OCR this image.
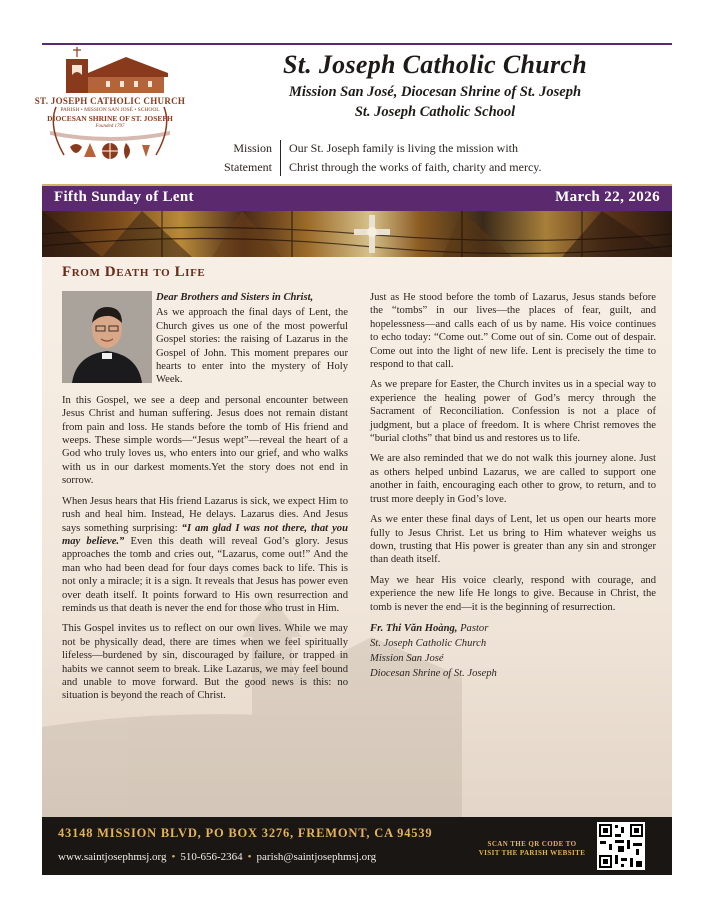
ST. JOSEPH CATHOLIC CHURCH
PARISH • MISSION SAN JOSÉ • SCHOOL
DIOCESAN SHRINE OF ST. JOSEPH
Founded 1797
St. Joseph Catholic Church
Mission San José, Diocesan Shrine of St. Joseph
St. Joseph Catholic School
Mission
Statement
Our St. Joseph family is living the mission with
Christ through the works of faith, charity and mercy.
Fifth Sunday of Lent	March 22, 2026
From Death to Life

Dear Brothers and Sisters in Christ,

As we approach the final days of Lent, the Church gives us one of the most powerful Gospel stories: the raising of Lazarus in the Gospel of John. This moment prepares our hearts to enter into the mystery of Holy Week.

In this Gospel, we see a deep and personal encounter between Jesus Christ and human suffering. Jesus does not remain distant from pain and loss. He stands before the tomb of His friend and weeps. These simple words—“Jesus wept”—reveal the heart of a God who truly loves us, who enters into our grief, and who walks with us in our darkest moments.Yet the story does not end in sorrow.

When Jesus hears that His friend Lazarus is sick, we expect Him to rush and heal him. Instead, He delays. Lazarus dies. And Jesus says something surprising: “I am glad I was not there, that you may believe.” Even this death will reveal God’s glory. Jesus approaches the tomb and cries out, “Lazarus, come out!” And the man who had been dead for four days comes back to life. This is not only a miracle; it is a sign. It reveals that Jesus has power even over death itself. It points forward to His own resurrection and reminds us that death is never the end for those who trust in Him.

This Gospel invites us to reflect on our own lives. While we may not be physically dead, there are times when we feel spiritually lifeless—burdened by sin, discouraged by failure, or trapped in habits we cannot seem to break. Like Lazarus, we may feel bound and unable to move forward. But the good news is this: no situation is beyond the reach of Christ.

Just as He stood before the tomb of Lazarus, Jesus stands before the “tombs” in our lives—the places of fear, guilt, and hopelessness—and calls each of us by name. His voice continues to echo today: “Come out.” Come out of sin. Come out of despair. Come out into the light of new life. Lent is precisely the time to respond to that call.

As we prepare for Easter, the Church invites us in a special way to experience the healing power of God’s mercy through the Sacrament of Reconciliation. Confession is not a place of judgment, but a place of freedom. It is where Christ removes the “burial cloths” that bind us and restores us to life.

We are also reminded that we do not walk this journey alone. Just as others helped unbind Lazarus, we are called to support one another in faith, encouraging each other to grow, to return, and to trust more deeply in God’s love.

As we enter these final days of Lent, let us open our hearts more fully to Jesus Christ. Let us bring to Him whatever weighs us down, trusting that His power is greater than any sin and stronger than death itself.

May we hear His voice clearly, respond with courage, and experience the new life He longs to give. Because in Christ, the tomb is never the end—it is the beginning of resurrection.

Fr. Thi Văn Hoàng, Pastor
St. Joseph Catholic Church
Mission San José
Diocesan Shrine of St. Joseph
43148 MISSION BLVD, PO BOX 3276, FREMONT, CA 94539
www.saintjosephmsj.org • 510-656-2364 • parish@saintjosephmsj.org
SCAN THE QR CODE TO
VISIT THE PARISH WEBSITE
